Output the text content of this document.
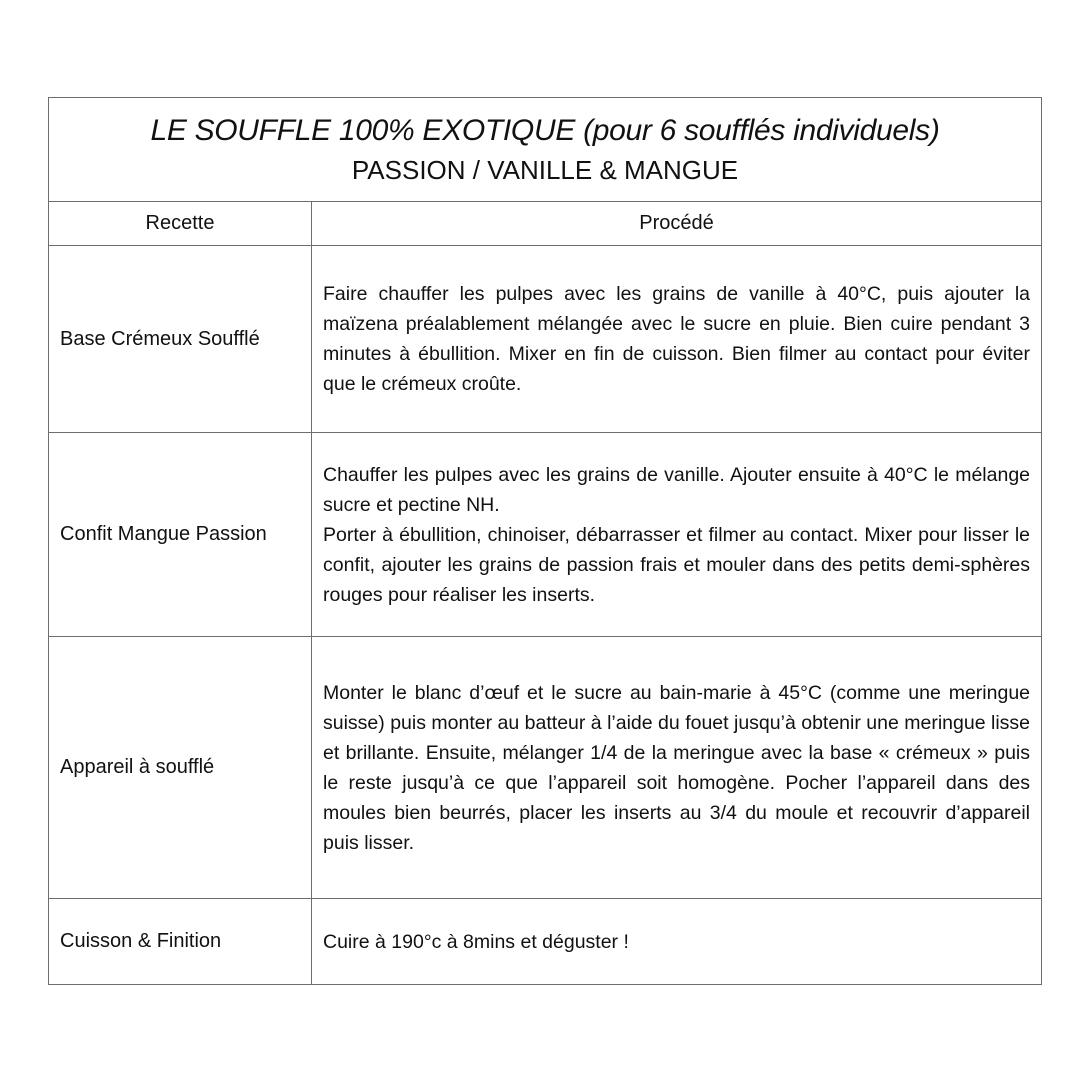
LE SOUFFLE 100% EXOTIQUE (pour 6 soufflés individuels)
PASSION / VANILLE & MANGUE	

Recette	Procédé
Base Crémeux Soufflé	Faire chauffer les pulpes avec les grains de vanille à 40°C, puis ajouter la maïzena préalablement mélangée avec le sucre en pluie. Bien cuire pendant 3 minutes à ébullition. Mixer en fin de cuisson. Bien filmer au contact pour éviter que le crémeux croûte.

Confit Mangue Passion	Chauffer les pulpes avec les grains de vanille. Ajouter ensuite à 40°C le mélange sucre et pectine NH.
Porter à ébullition, chinoiser, débarrasser et filmer au contact. Mixer pour lisser le confit, ajouter les grains de passion frais et mouler dans des petits demi-sphères rouges pour réaliser les inserts.

Appareil à soufflé	Monter le blanc d’œuf et le sucre au bain-marie à 45°C (comme une meringue suisse) puis monter au batteur à l’aide du fouet jusqu’à obtenir une meringue lisse et brillante. Ensuite, mélanger 1/4 de la meringue avec la base « crémeux » puis le reste jusqu’à ce que l’appareil soit homogène. Pocher l’appareil dans des moules bien beurrés, placer les inserts au 3/4 du moule et recouvrir d’appareil puis lisser.

Cuisson & Finition	Cuire à 190°c à 8mins et déguster !
